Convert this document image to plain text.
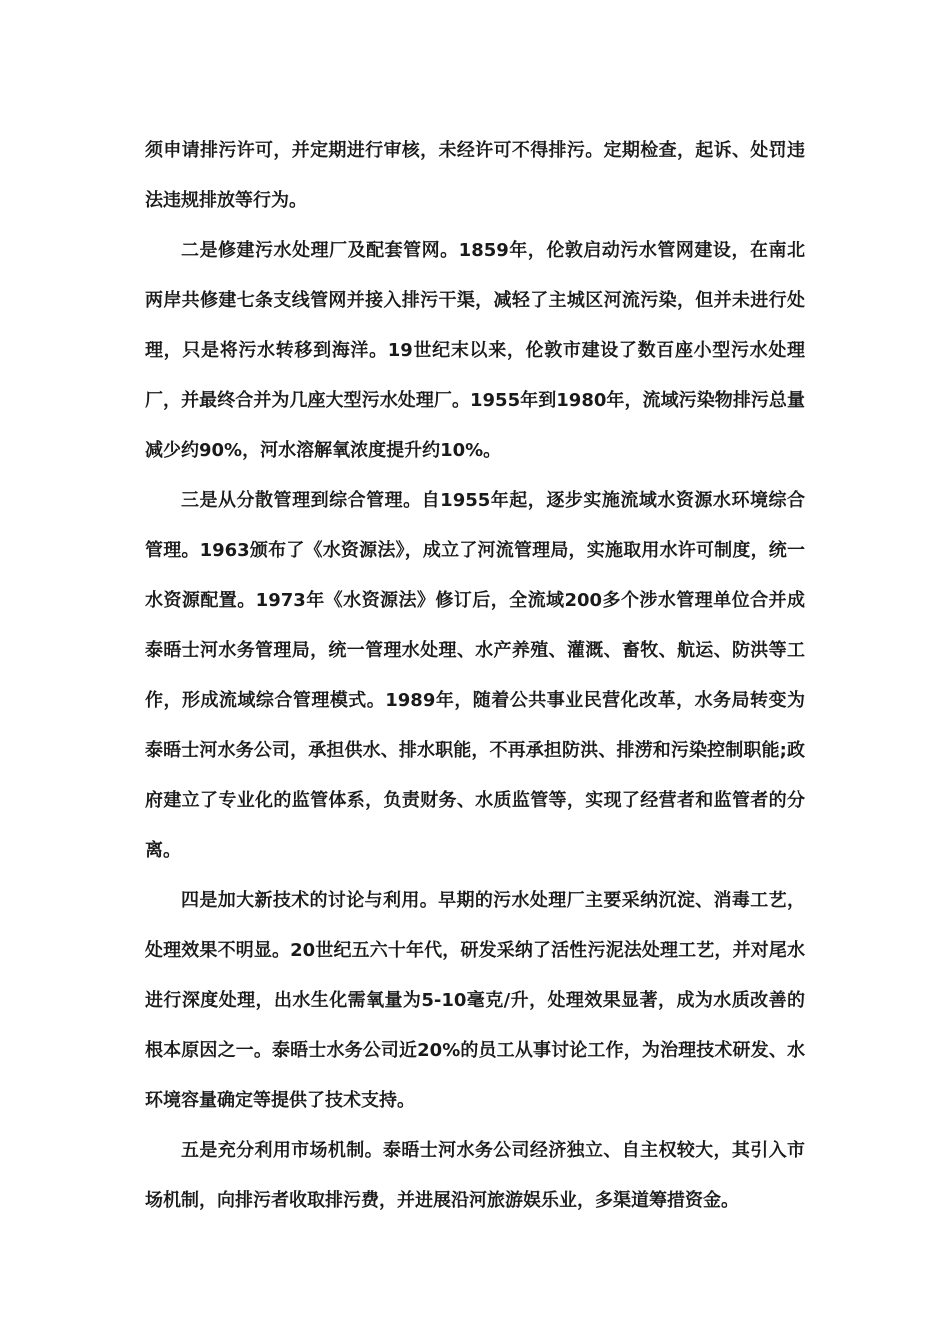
须申请排污许可，并定期进行审核，未经许可不得排污。定期检查，起诉、处罚违法违规排放等行为。

二是修建污水处理厂及配套管网。1859年，伦敦启动污水管网建设，在南北两岸共修建七条支线管网并接入排污干渠，减轻了主城区河流污染，但并未进行处理，只是将污水转移到海洋。19世纪末以来，伦敦市建设了数百座小型污水处理厂，并最终合并为几座大型污水处理厂。1955年到1980年，流域污染物排污总量减少约90%，河水溶解氧浓度提升约10%。

三是从分散管理到综合管理。自1955年起，逐步实施流域水资源水环境综合管理。1963颁布了《水资源法》，成立了河流管理局，实施取用水许可制度，统一水资源配置。1973年《水资源法》修订后，全流域200多个涉水管理单位合并成泰晤士河水务管理局，统一管理水处理、水产养殖、灌溉、畜牧、航运、防洪等工作，形成流域综合管理模式。1989年，随着公共事业民营化改革，水务局转变为泰晤士河水务公司，承担供水、排水职能，不再承担防洪、排涝和污染控制职能;政府建立了专业化的监管体系，负责财务、水质监管等，实现了经营者和监管者的分离。

四是加大新技术的讨论与利用。早期的污水处理厂主要采纳沉淀、消毒工艺，处理效果不明显。20世纪五六十年代，研发采纳了活性污泥法处理工艺，并对尾水进行深度处理，出水生化需氧量为5-10毫克/升，处理效果显著，成为水质改善的根本原因之一。泰晤士水务公司近20%的员工从事讨论工作，为治理技术研发、水环境容量确定等提供了技术支持。

五是充分利用市场机制。泰晤士河水务公司经济独立、自主权较大，其引入市场机制，向排污者收取排污费，并进展沿河旅游娱乐业，多渠道筹措资金。
